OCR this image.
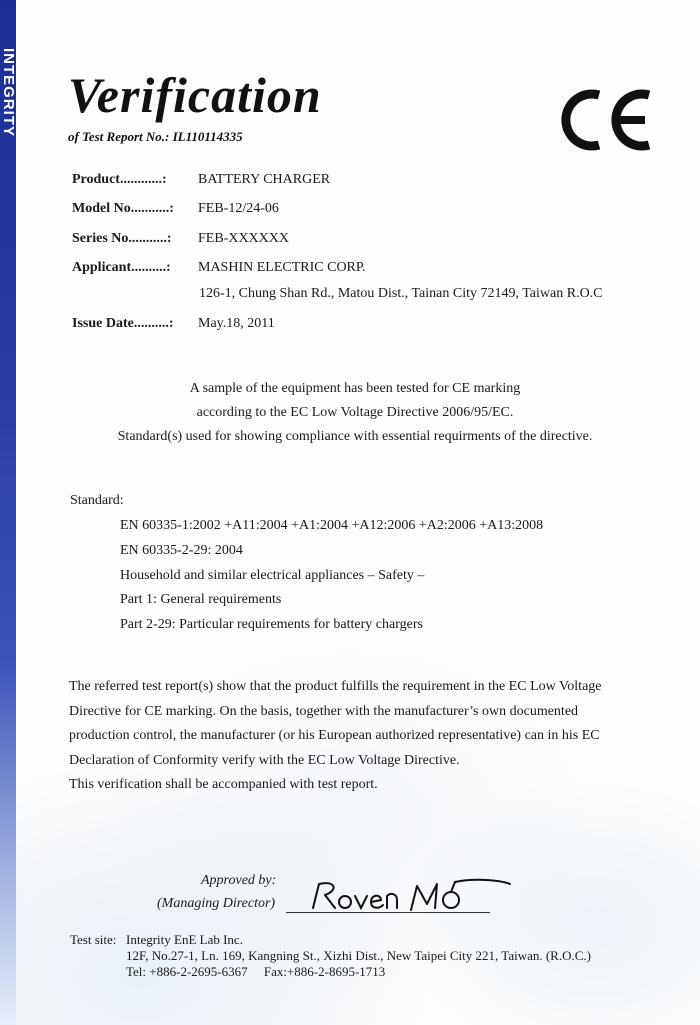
INTEGRITY Verification
of Test Report No.: IL110114335
Product............: BATTERY CHARGER
Model No...........: FEB-12/24-06
Series No...........: FEB-XXXXXX
Applicant..........: MASHIN ELECTRIC CORP.
126-1, Chung Shan Rd., Matou Dist., Tainan City 72149, Taiwan R.O.C
Issue Date..........: May.18, 2011
A sample of the equipment has been tested for CE marking
according to the EC Low Voltage Directive 2006/95/EC.
Standard(s) used for showing compliance with essential requirments of the directive.
Standard:
EN 60335-1:2002 +A11:2004 +A1:2004 +A12:2006 +A2:2006 +A13:2008
EN 60335-2-29: 2004
Household and similar electrical appliances – Safety –
Part 1: General requirements
Part 2-29: Particular requirements for battery chargers
The referred test report(s) show that the product fulfills the requirement in the EC Low Voltage
Directive for CE marking. On the basis, together with the manufacturer’s own documented
production control, the manufacturer (or his European authorized representative) can in his EC
Declaration of Conformity verify with the EC Low Voltage Directive.
This verification shall be accompanied with test report.
Approved by:
(Managing Director)
Test site: Integrity EnE Lab Inc.
12F, No.27-1, Ln. 169, Kangning St., Xizhi Dist., New Taipei City 221, Taiwan. (R.O.C.)
Tel: +886-2-2695-6367     Fax:+886-2-8695-1713
